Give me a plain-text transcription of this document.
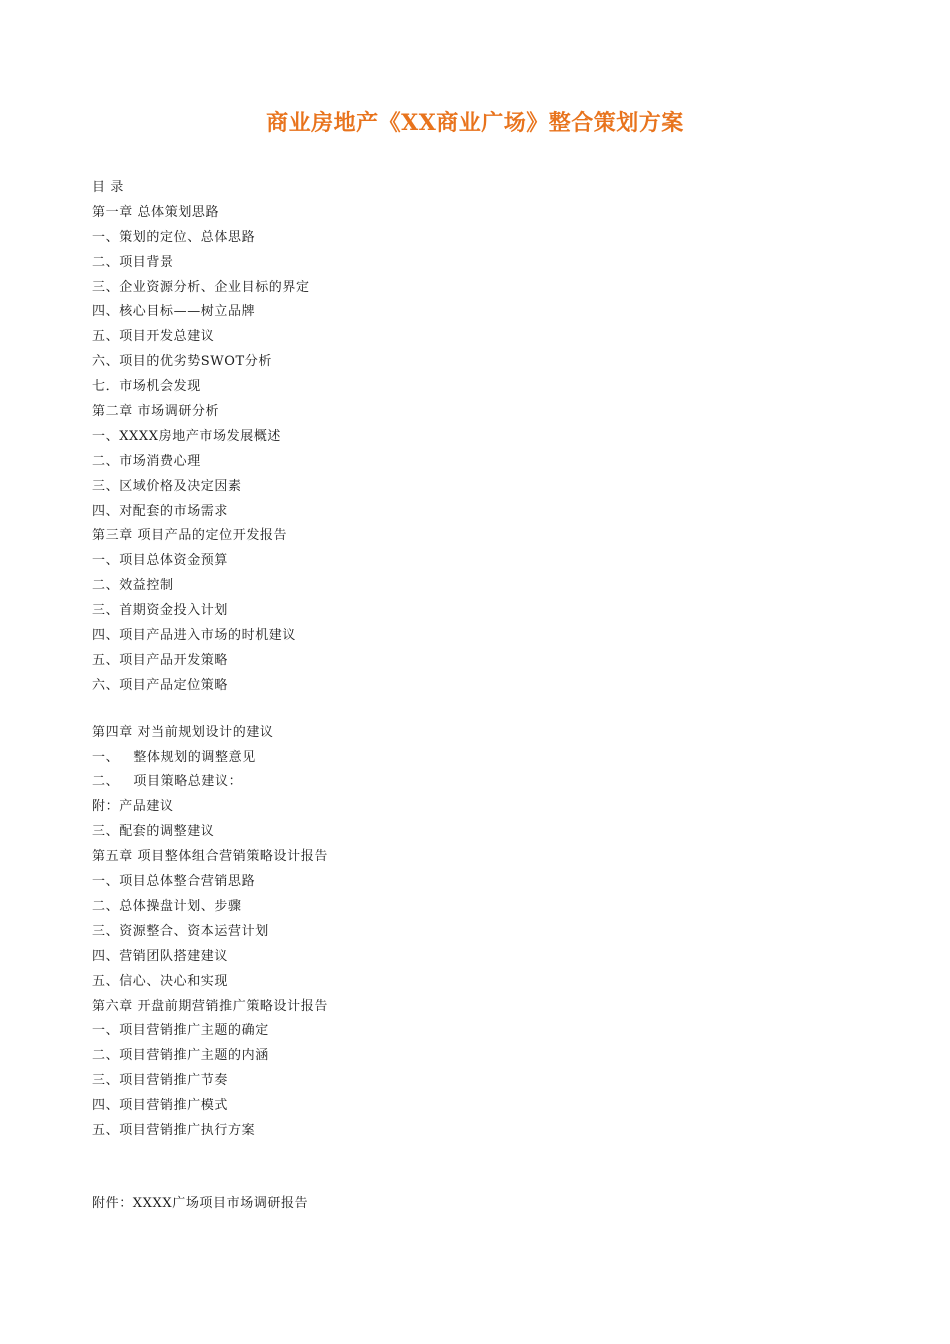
商业房地产《XX商业广场》整合策划方案
目 录
第一章 总体策划思路
一、策划的定位、总体思路
二、项目背景
三、企业资源分析、企业目标的界定
四、核心目标——树立品牌
五、项目开发总建议
六、项目的优劣势SWOT分析
七．市场机会发现
第二章 市场调研分析
一、XXXX房地产市场发展概述
二、市场消费心理
三、区域价格及决定因素
四、对配套的市场需求
第三章 项目产品的定位开发报告
一、项目总体资金预算
二、效益控制
三、首期资金投入计划
四、项目产品进入市场的时机建议
五、项目产品开发策略
六、项目产品定位策略
第四章 对当前规划设计的建议
一、   整体规划的调整意见
二、   项目策略总建议：
附：产品建议
三、配套的调整建议
第五章 项目整体组合营销策略设计报告
一、项目总体整合营销思路
二、总体操盘计划、步骤
三、资源整合、资本运营计划
四、营销团队搭建建议
五、信心、决心和实现
第六章 开盘前期营销推广策略设计报告
一、项目营销推广主题的确定
二、项目营销推广主题的内涵
三、项目营销推广节奏
四、项目营销推广模式
五、项目营销推广执行方案
附件：XXXX广场项目市场调研报告
